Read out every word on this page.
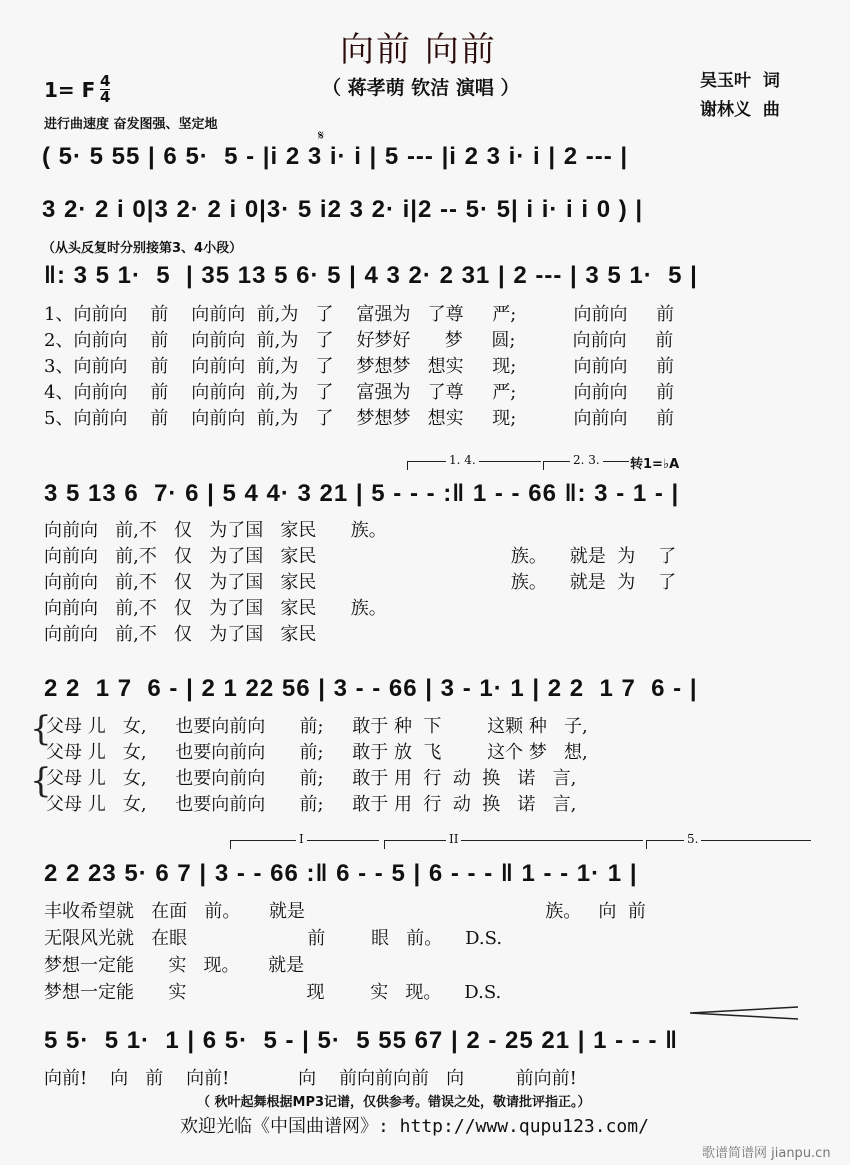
向前 向前
（ 蒋孝萌 钦洁 演唱 ）	吴玉叶  词
谢林义  曲
1= F $\frac{4}{4}$
进行曲速度 奋发图强、坚定地
𝄋
( 5· 5 55 | 6 5·  5 - |i 2 3 i· i | 5 --- |i 2 3 i· i | 2 --- |
3 2· 2 i 0|3 2· 2 i 0|3· 5 i2 3 2· i|2 -- 5· 5| i i· i i 0 ) |
（从头反复时分别接第3、4小段）
‖: 3 5 1·  5  | 35 13 5 6· 5 | 4 3 2· 2 31 | 2 --- | 3 5 1·  5 |
1、向前向    前    向前向  前,为   了    富强为   了尊     严;          向前向     前
2、向前向    前    向前向  前,为   了    好梦好      梦     圆;          向前向     前
3、向前向    前    向前向  前,为   了    梦想梦   想实     现;          向前向     前
4、向前向    前    向前向  前,为   了    富强为   了尊     严;          向前向     前
5、向前向    前    向前向  前,为   了    梦想梦   想实     现;          向前向     前
1. 4.	2. 3. 转1=♭A
3 5 13 6  7· 6 | 5 4 4· 3 21 | 5 - - - :‖ 1 - - 66 ‖: 3 - 1 - |
向前向   前,不   仅   为了国   家民      族。
向前向   前,不   仅   为了国   家民                                  族。    就是  为    了
向前向   前,不   仅   为了国   家民                                  族。    就是  为    了
向前向   前,不   仅   为了国   家民      族。
向前向   前,不   仅   为了国   家民
2 2  1 7  6 - | 2 1 22 56 | 3 - - 66 | 3 - 1· 1 | 2 2  1 7  6 - |
{
{
父母 儿   女,     也要向前向      前;     敢于 种  下        这颗 种   子,
父母 儿   女,     也要向前向      前;     敢于 放  飞        这个 梦   想,
父母 儿   女,     也要向前向      前;     敢于 用  行  动  换   诺   言,
父母 儿   女,     也要向前向      前;     敢于 用  行  动  换   诺   言,
I	II	5.
2 2 23 5· 6 7 | 3 - - 66 :‖ 6 - - 5 | 6 - - - ‖ 1 - - 1· 1 |
丰收希望就   在面   前。     就是                                          族。   向  前
无限风光就   在眼                     前        眼   前。    D.S.
梦想一定能      实   现。     就是
梦想一定能      实                     现        实   现。    D.S.
5 5·  5 1·  1 | 6 5·  5 - | 5·  5 55 67 | 2 - 25 21 | 1 - - - ‖
向前!    向   前    向前!            向    前向前向前   向         前向前!
（ 秋叶起舞根据MP3记谱，仅供参考。错误之处，敬请批评指正。）
欢迎光临《中国曲谱网》: http://www.qupu123.com/
歌谱简谱网 jianpu.cn
